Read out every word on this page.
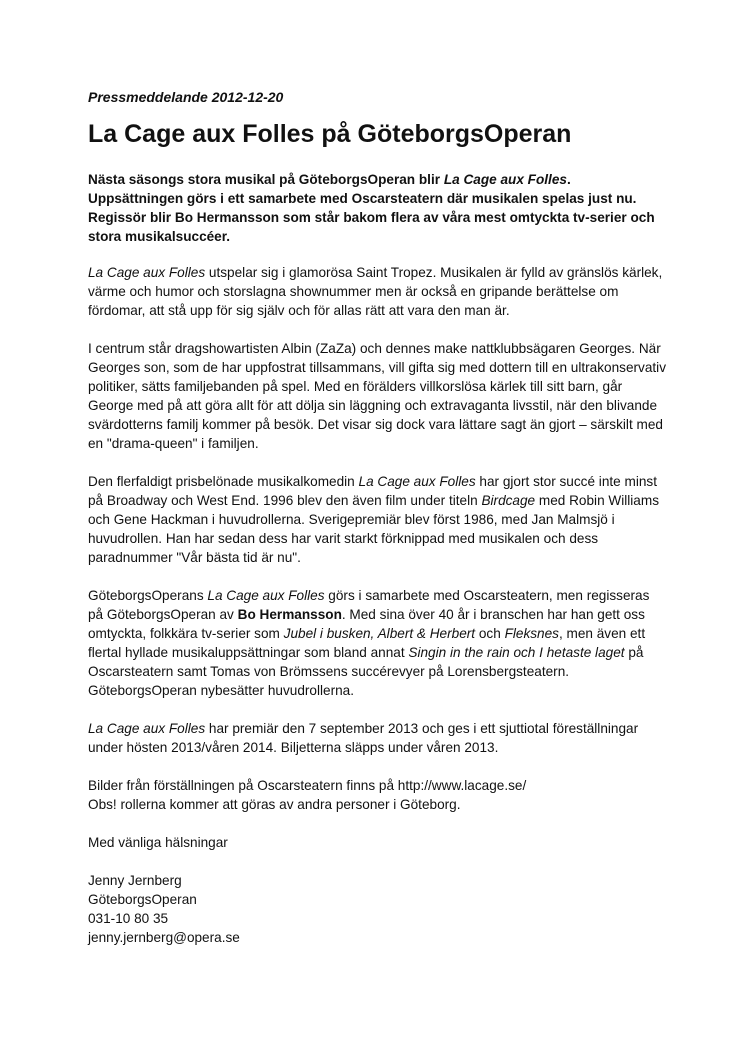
Pressmeddelande 2012-12-20
La Cage aux Folles på GöteborgsOperan

Nästa säsongs stora musikal på GöteborgsOperan blir La Cage aux Folles. Uppsättningen görs i ett samarbete med Oscarsteatern där musikalen spelas just nu. Regissör blir Bo Hermansson som står bakom flera av våra mest omtyckta tv-serier och stora musikalsuccéer.

La Cage aux Folles utspelar sig i glamorösa Saint Tropez. Musikalen är fylld av gränslös kärlek, värme och humor och storslagna shownummer men är också en gripande berättelse om fördomar, att stå upp för sig själv och för allas rätt att vara den man är.

I centrum står dragshowartisten Albin (ZaZa) och dennes make nattklubbsägaren Georges. När Georges son, som de har uppfostrat tillsammans, vill gifta sig med dottern till en ultrakonservativ politiker, sätts familjebanden på spel. Med en förälders villkorslösa kärlek till sitt barn, går George med på att göra allt för att dölja sin läggning och extravaganta livsstil, när den blivande svärdotterns familj kommer på besök. Det visar sig dock vara lättare sagt än gjort – särskilt med en "drama-queen" i familjen.

Den flerfaldigt prisbelönade musikalkomedin La Cage aux Folles har gjort stor succé inte minst på Broadway och West End. 1996 blev den även film under titeln Birdcage med Robin Williams och Gene Hackman i huvudrollerna. Sverigepremiär blev först 1986, med Jan Malmsjö i huvudrollen. Han har sedan dess har varit starkt förknippad med musikalen och dess paradnummer "Vår bästa tid är nu".

GöteborgsOperans La Cage aux Folles görs i samarbete med Oscarsteatern, men regisseras på GöteborgsOperan av Bo Hermansson. Med sina över 40 år i branschen har han gett oss omtyckta, folkkära tv-serier som Jubel i busken, Albert & Herbert och Fleksnes, men även ett flertal hyllade musikaluppsättningar som bland annat Singin in the rain och I hetaste laget på Oscarsteatern samt Tomas von Brömssens succérevyer på Lorensbergsteatern. GöteborgsOperan nybesätter huvudrollerna.

La Cage aux Folles har premiär den 7 september 2013 och ges i ett sjuttiotal föreställningar under hösten 2013/våren 2014. Biljetterna släpps under våren 2013.

Bilder från förställningen på Oscarsteatern finns på http://www.lacage.se/
Obs! rollerna kommer att göras av andra personer i Göteborg.

Med vänliga hälsningar

Jenny Jernberg

GöteborgsOperan

031-10 80 35

jenny.jernberg@opera.se
